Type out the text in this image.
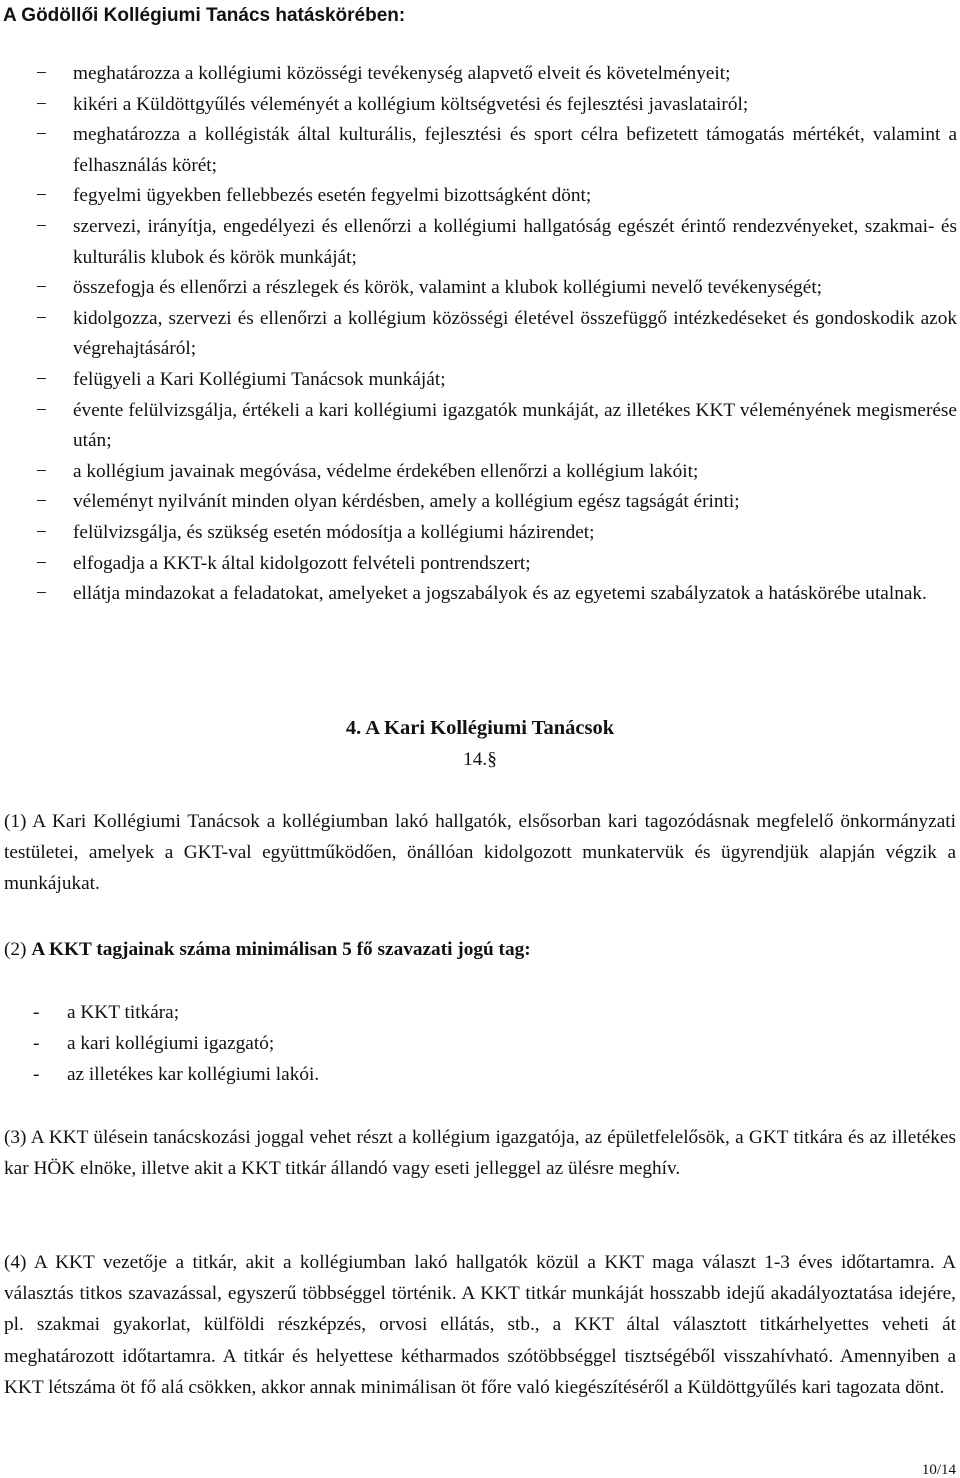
A Gödöllői Kollégiumi Tanács hatáskörében:

− meghatározza a kollégiumi közösségi tevékenység alapvető elveit és követelményeit;
− kikéri a Küldöttgyűlés véleményét a kollégium költségvetési és fejlesztési javaslatairól;
− meghatározza a kollégisták által kulturális, fejlesztési és sport célra befizetett támogatás mértékét, valamint a felhasználás körét;
− fegyelmi ügyekben fellebbezés esetén fegyelmi bizottságként dönt;
− szervezi, irányítja, engedélyezi és ellenőrzi a kollégiumi hallgatóság egészét érintő rendezvényeket, szakmai- és kulturális klubok és körök munkáját;
− összefogja és ellenőrzi a részlegek és körök, valamint a klubok kollégiumi nevelő tevékenységét;
− kidolgozza, szervezi és ellenőrzi a kollégium közösségi életével összefüggő intézkedéseket és gondoskodik azok végrehajtásáról;
− felügyeli a Kari Kollégiumi Tanácsok munkáját;
− évente felülvizsgálja, értékeli a kari kollégiumi igazgatók munkáját, az illetékes KKT véleményének megismerése után;
− a kollégium javainak megóvása, védelme érdekében ellenőrzi a kollégium lakóit;
− véleményt nyilvánít minden olyan kérdésben, amely a kollégium egész tagságát érinti;
− felülvizsgálja, és szükség esetén módosítja a kollégiumi házirendet;
− elfogadja a KKT-k által kidolgozott felvételi pontrendszert;
− ellátja mindazokat a feladatokat, amelyeket a jogszabályok és az egyetemi szabályzatok a hatáskörébe utalnak.
4. A Kari Kollégiumi Tanácsok
14.§

(1) A Kari Kollégiumi Tanácsok a kollégiumban lakó hallgatók, elsősorban kari tagozódásnak megfelelő önkormányzati testületei, amelyek a GKT-val együttműködően, önállóan kidolgozott munkatervük és ügyrendjük alapján végzik a munkájukat.

(2) A KKT tagjainak száma minimálisan 5 fő szavazati jogú tag:

- a KKT titkára;
- a kari kollégiumi igazgató;
- az illetékes kar kollégiumi lakói.

(3) A KKT ülésein tanácskozási joggal vehet részt a kollégium igazgatója, az épületfelelősök, a GKT titkára és az illetékes kar HÖK elnöke, illetve akit a KKT titkár állandó vagy eseti jelleggel az ülésre meghív.

(4) A KKT vezetője a titkár, akit a kollégiumban lakó hallgatók közül a KKT maga választ 1-3 éves időtartamra. A választás titkos szavazással, egyszerű többséggel történik. A KKT titkár munkáját hosszabb idejű akadályoztatása idejére, pl. szakmai gyakorlat, külföldi részképzés, orvosi ellátás, stb., a KKT által választott titkárhelyettes veheti át meghatározott időtartamra. A titkár és helyettese kétharmados szótöbbséggel tisztségéből visszahívható. Amennyiben a KKT létszáma öt fő alá csökken, akkor annak minimálisan öt főre való kiegészítéséről a Küldöttgyűlés kari tagozata dönt.

10/14
